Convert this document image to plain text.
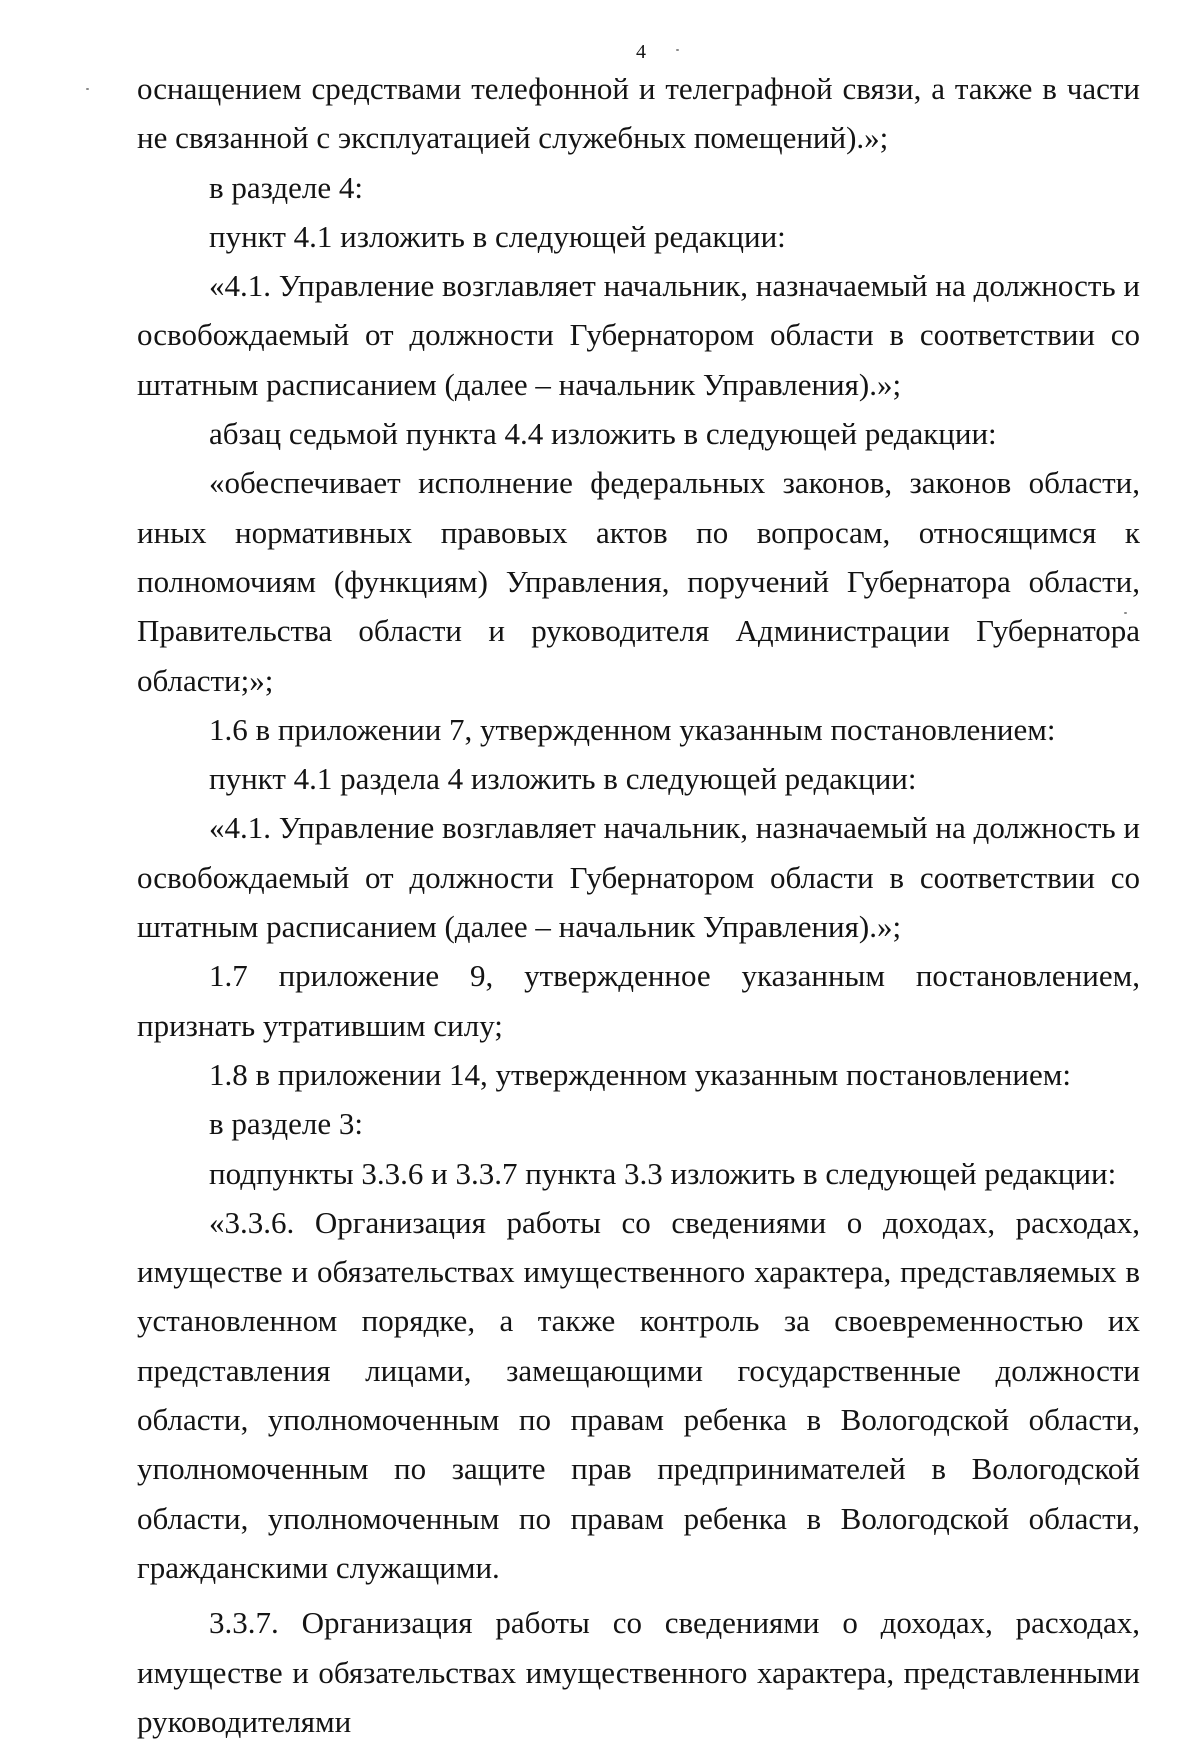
4

оснащением средствами телефонной и телеграфной связи, а также в части не связанной с эксплуатацией служебных помещений).»;

в разделе 4:

пункт 4.1 изложить в следующей редакции:

«4.1. Управление возглавляет начальник, назначаемый на должность и освобождаемый от должности Губернатором области в соответствии со штатным расписанием (далее – начальник Управления).»;

абзац седьмой пункта 4.4 изложить в следующей редакции:

«обеспечивает исполнение федеральных законов, законов области, иных нормативных правовых актов по вопросам, относящимся к полномочиям (функциям) Управления, поручений Губернатора области, Правительства области и руководителя Администрации Губернатора области;»;

1.6 в приложении 7, утвержденном указанным постановлением:

пункт 4.1 раздела 4 изложить в следующей редакции:

«4.1. Управление возглавляет начальник, назначаемый на должность и освобождаемый от должности Губернатором области в соответствии со штатным расписанием (далее – начальник Управления).»;

1.7 приложение 9, утвержденное указанным постановлением, признать утратившим силу;

1.8 в приложении 14, утвержденном указанным постановлением:

в разделе 3:

подпункты 3.3.6 и 3.3.7 пункта 3.3 изложить в следующей редакции:

«3.3.6. Организация работы со сведениями о доходах, расходах, имуществе и обязательствах имущественного характера, представляемых в установленном порядке, а также контроль за своевременностью их представления лицами, замещающими государственные должности области, уполномоченным по правам ребенка в Вологодской области, уполномоченным по защите прав предпринимателей в Вологодской области, уполномоченным по правам ребенка в Вологодской области, гражданскими служащими.

3.3.7. Организация работы со сведениями о доходах, расходах, имуществе и обязательствах имущественного характера, представленными руководителями
